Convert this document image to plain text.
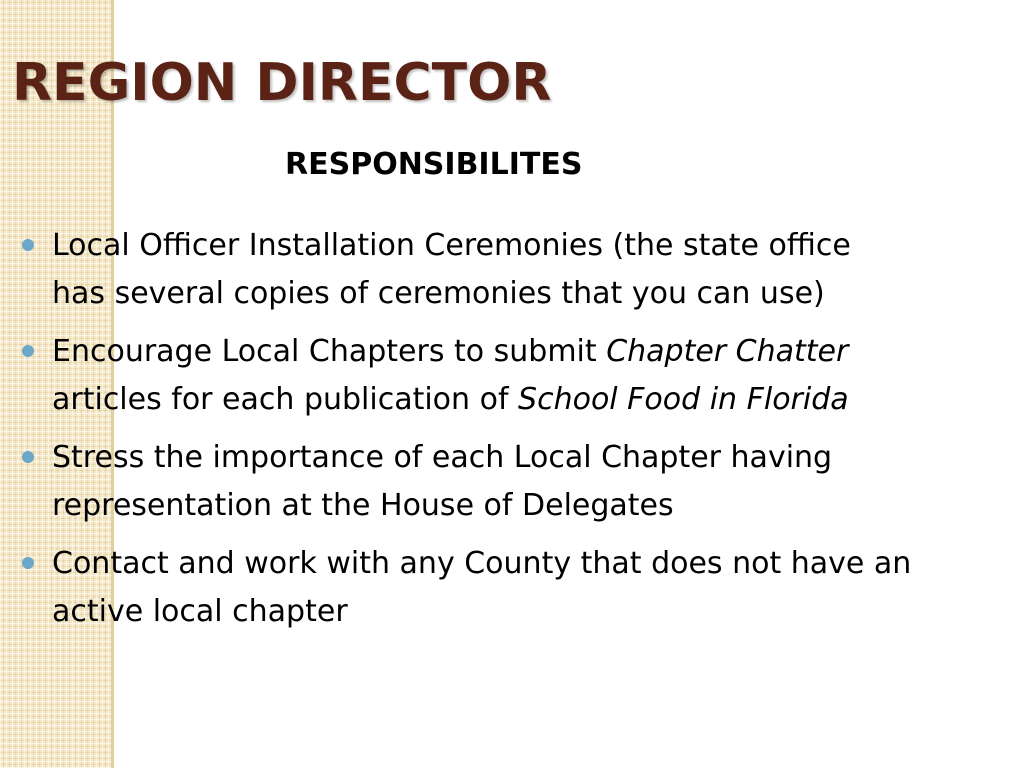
REGION DIRECTOR
RESPONSIBILITES
Local Officer Installation Ceremonies (the state office has several copies of ceremonies that you can use)
Encourage Local Chapters to submit Chapter Chatter articles for each publication of School Food in Florida
Stress the importance of each Local Chapter having representation at the House of Delegates
Contact and work with any County that does not have an active local chapter
